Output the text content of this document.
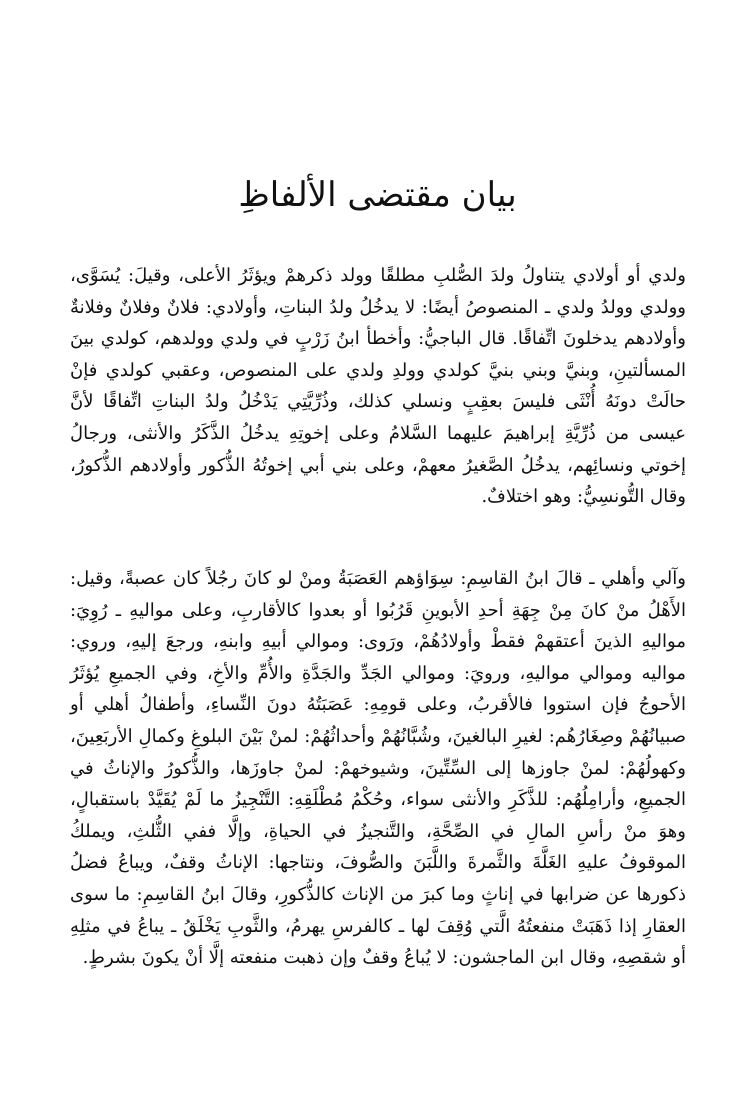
بيان مقتضى الألفاظِ

ولدي أو أولادي يتناولُ ولدَ الصُّلبِ مطلقًا وولد ذكرهمْ ويؤثَرُ الأعلى، وقيلَ: يُسَوَّى، وولدي وولدُ ولدي ـ المنصوصُ أيضًا: لا يدخُلُ ولدُ البناتِ، وأولادي: فلانٌ وفلانٌ وفلانةٌ وأولادهم يدخلونَ اتِّفاقًا. قال الباجيُّ: وأخطأ ابنُ زَرْبٍ في ولدي وولدهم، كولدي بينَ المسألتينِ، وبنيَّ وبني بنيَّ كولدي وولدِ ولدي على المنصوص، وعقبي كولدي فإنْ حالَتْ دونَهُ أُنْثَى فليسَ بعقِبٍ ونسلي كذلك، وذُرِّيَّتِي يَدْخُلُ ولدُ البناتِ اتِّفاقًا لأنَّ عيسى من ذُرِّيَّةِ إبراهيمَ عليهما السَّلامُ وعلى إخوتِهِ يدخُلُ الذَّكَرُ والأنثى، ورجالُ إخوتي ونسائِهم، يدخُلُ الصَّغيرُ معهمْ، وعلى بني أبي إخوتُهُ الذُّكور وأولادهم الذُّكورُ، وقال التُّونسِيُّ: وهو اختلافٌ.

وآلي وأهلي ـ قالَ ابنُ القاسِمِ: سِوَاؤهم العَصَبَةُ ومنْ لو كانَ رجُلاً كان عصبةً، وقيل: الأَهْلُ منْ كانَ مِنْ جِهَةِ أحدِ الأبوينِ قَرُبُوا أو بعدوا كالأقاربِ، وعلى مواليهِ ـ رُوِيَ: مواليهِ الذينَ أعتقهمْ فقطْ وأولادُهُمْ، ورَوى: وموالي أبيهِ وابنهِ، ورجعَ إليهِ، وروي: مواليه وموالي مواليهِ، ورويَ: وموالي الجَدِّ والجَدَّةِ والأُمِّ والأخِ، وفي الجميعِ يُؤثَرُ الأحوجُ فإن استووا فالأقربُ، وعلى قومِهِ: عَصَبَتُهُ دونَ النِّساءِ، وأطفالُ أهلي أو صبيانُهُمْ وصِغَارُهُم: لغيرِ البالغينَ، وشُبَّانُهُمْ وأحداثُهُمْ: لمنْ بَيْنَ البلوغِ وكمالِ الأربَعِينَ، وكهولُهُمْ: لمنْ جاوزها إلى السِّتِّينَ، وشيوخهمْ: لمنْ جاوزَها، والذُّكورُ والإناثُ في الجميعِ، وأرامِلُهُم: للذَّكَرِ والأنثى سواء، وحُكْمُ مُطْلَقِهِ: التَّنْجِيزُ ما لَمْ يُقَيَّدْ باستقبالٍ، وهوَ منْ رأسِ المالِ في الصِّحَّةِ، والتَّنجيزُ في الحياةِ، وإلَّا ففي الثُّلثِ، ويملكُ الموقوفُ عليهِ الغَلَّةَ والثَّمرةَ واللَّبَنَ والصُّوفَ، ونتاجها: الإناثُ وقفٌ، ويباعُ فضلُ ذكورها عن ضرابها في إناثٍ وما كبرَ من الإناث كالذُّكورِ، وقالَ ابنُ القاسِمِ: ما سوى العقارِ إذا ذَهَبَتْ منفعتُهُ الَّتي وُقِفَ لها ـ كالفرسِ يهرمُ، والثَّوبِ يَخْلَقُ ـ يباعُ في مثلِهِ أو شقصِهِ، وقال ابن الماجشون: لا يُباعُ وقفٌ وإن ذهبت منفعته إلَّا أنْ يكونَ بشرطٍ.
